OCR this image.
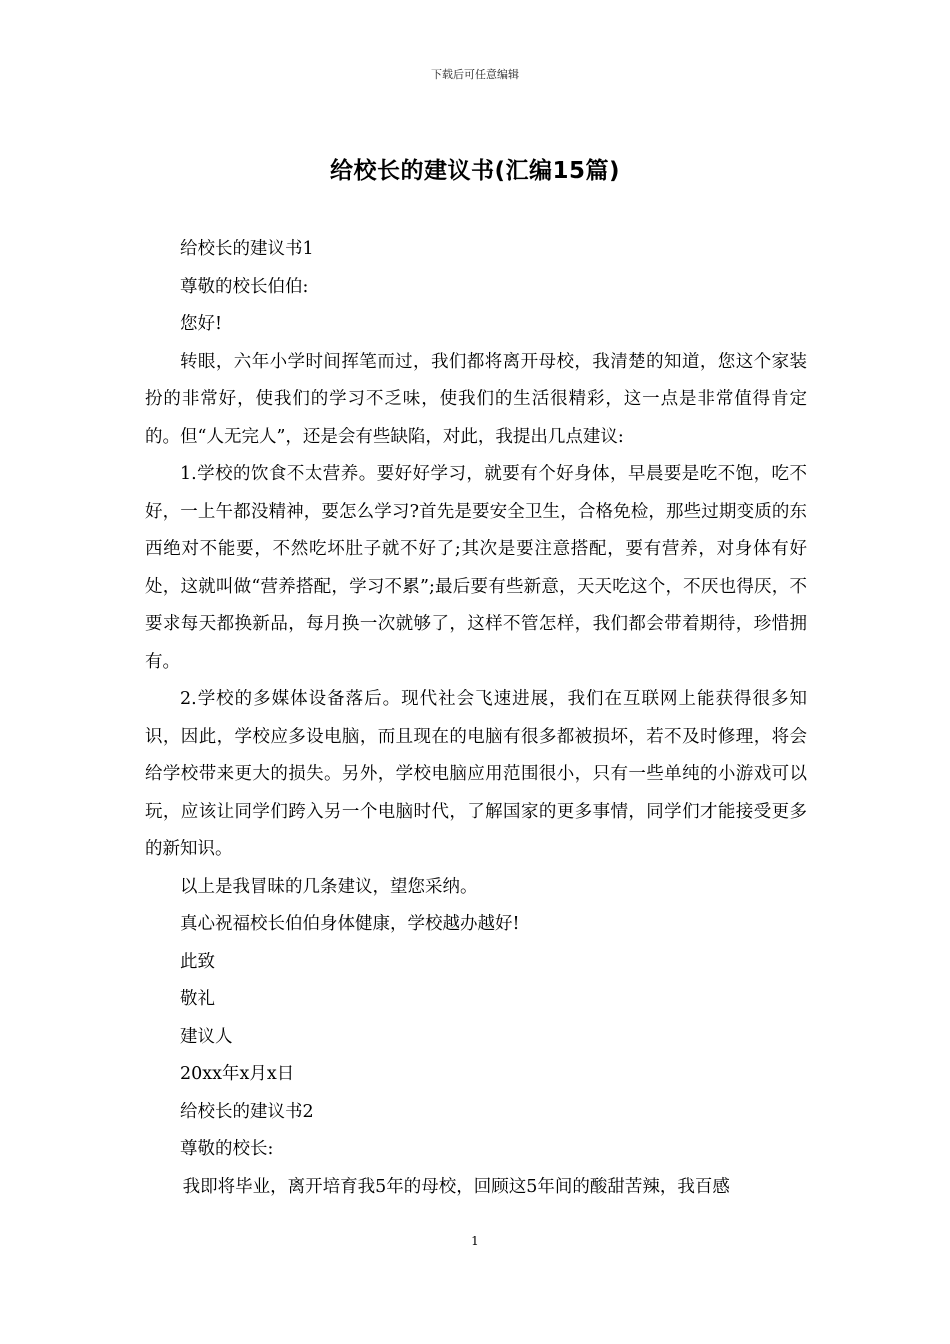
下载后可任意编辑
给校长的建议书(汇编15篇)

给校长的建议书1

尊敬的校长伯伯:

您好!

转眼，六年小学时间挥笔而过，我们都将离开母校，我清楚的知道，您这个家装扮的非常好，使我们的学习不乏味，使我们的生活很精彩，这一点是非常值得肯定的。但“人无完人”，还是会有些缺陷，对此，我提出几点建议:

1.学校的饮食不太营养。要好好学习，就要有个好身体，早晨要是吃不饱，吃不好，一上午都没精神，要怎么学习?首先是要安全卫生，合格免检，那些过期变质的东西绝对不能要，不然吃坏肚子就不好了;其次是要注意搭配，要有营养，对身体有好处，这就叫做“营养搭配，学习不累”;最后要有些新意，天天吃这个，不厌也得厌，不要求每天都换新品，每月换一次就够了，这样不管怎样，我们都会带着期待，珍惜拥有。

2.学校的多媒体设备落后。现代社会飞速进展，我们在互联网上能获得很多知识，因此，学校应多设电脑，而且现在的电脑有很多都被损坏，若不及时修理，将会给学校带来更大的损失。另外，学校电脑应用范围很小，只有一些单纯的小游戏可以玩，应该让同学们跨入另一个电脑时代，了解国家的更多事情，同学们才能接受更多的新知识。

以上是我冒昧的几条建议，望您采纳。

真心祝福校长伯伯身体健康，学校越办越好!

此致

敬礼

建议人

20xx年x月x日

给校长的建议书2

尊敬的校长:

我即将毕业，离开培育我5年的母校，回顾这5年间的酸甜苦辣，我百感

1
